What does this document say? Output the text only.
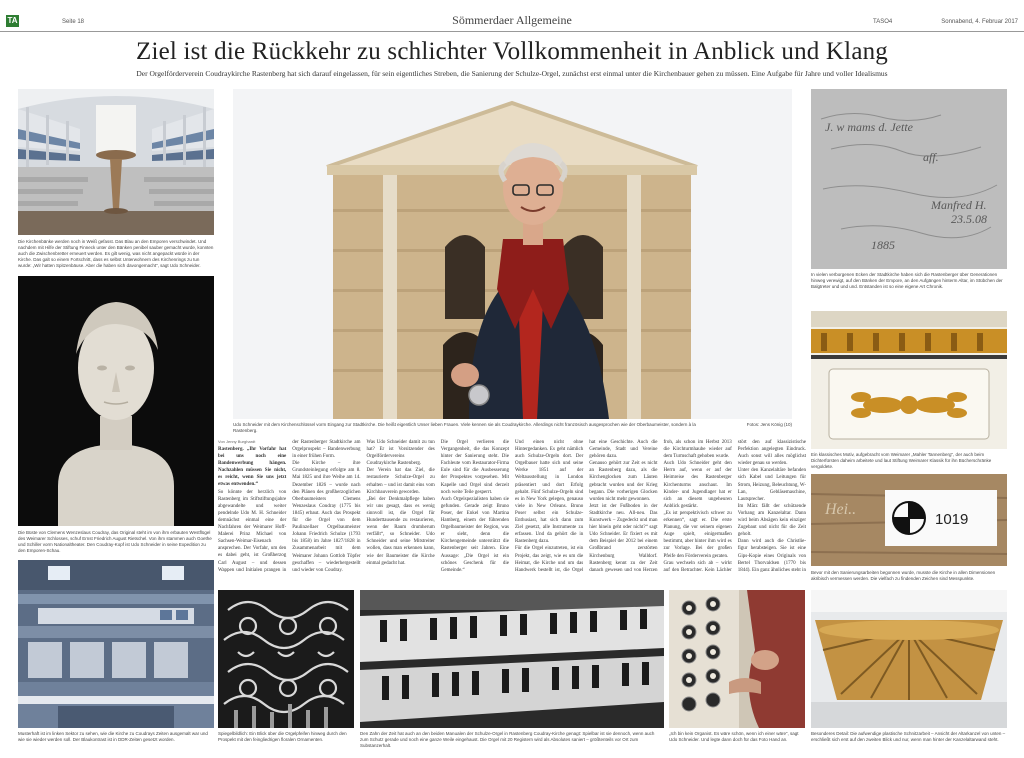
TA	Seite 18	Sömmerdaer Allgemeine	TASO4	Sonnabend, 4. Februar 2017
Ziel ist die Rückkehr zu schlichter Vollkommenheit in Anblick und Klang
Der Orgelförderverein Coudraykirche Rastenberg hat sich darauf eingelassen, für sein eigentliches Streben, die Sanierung der Schulze-Orgel, zunächst erst einmal unter die Kirchenbauer gehen zu müssen. Eine Aufgabe für Jahre und voller Idealismus
Die Kirchenbänke werden noch in Weiß gefasst. Das Blau an den Emporen verschwindet. Und nachdem mit Hilfe der Stiftung Finneck unter den Bänken penibel sauber gemacht wurde, konnten auch die Zwischenbretter erneuert werden. Es gilt wenig, was nicht angepackt würde in der Kirche. Das galt so einem Fortschritt, dass es selbst Unterwohnern des Kirchenrings zu tun wurde: „Wir hatten Spitzenbäuse. Aber die haben sich davongemacht“, sagt Udo Schneider.
Die Büste von Clemens Wenzeslaus Coudray, das Original steht im von ihm erbauten Westflügel des Weimarer Schlosses, schuf Ernst Friedrich August Rietschel. Von ihm stammen auch Goethe und Schiller vorm Nationaltheater. Den Coudray-Kopf ist Udo Schneider in seine Expedition zu den Emporen-Schau.
Musterhaft ist im linken Sektor zu sehen, wie die Kirche zu Coudrays Zeiten ausgemalt war und wie sie wieder werden soll. Der Blaukontrast ist in DDR-Zeiten gesetzt worden.
Udo Schneider mit dem Kirchenschlüssel vorm Eingang zur Stadtkirche. Die heißt eigentlich Unser lieben Frauen. Viele kennen sie als Coudraykirche. Allerdings nicht französisch ausgesprochen wie der Oberbaumeister, sondern à la Rastenberg.
Fotos: Jens König (10)
J. w mams d. Jette
aff.
Manfred H.
23.5.08
1885
In vielen verborgenen Ecken der Stadtkirche haben sich die Rastenberger über Generationen hinweg verewigt, auf den Bänken der Empore, an den Aufgängen hinterm Altar, im Stübchen der Balgtreter und und und. Entstanden ist so eine eigene Art Chronik.
Ein klassisches Motiv, aufgebracht vom Weimarer „Mahler Tannenberg“, der auch beim Dichterfürsten daheim arbeitete und laut Stiftung Weimarer Klassik für ihn Bücherschränke vergoldete.
Hei..
1019
Bevor mit den Sanierungsarbeiten begonnen wurde, musste die Kirche in allen Dimensionen akribisch vermessen werden. Die vielfach zu findenden Zeichen sind Messpunkte.
Besonderes Detail: Die aufwendige plastische Schnitzarbeit – Ansicht der Altarkanzel von unten – erschließt sich erst auf den zweiten Blick und nur, wenn man hinter der Kanzelaltarwand steht.
Von Jenny Burghardt

Rastenberg. „Ihr Vorfahr hat bei uns noch eine Bandenwerbung hängen. Nachzahlen müssen Sie nicht, es reicht, wenn Sie uns jetzt etwas entwenden.“

So könnte der herzlich von Rastenberg im Stiftstiftungsjahre abgewandelte und weiter pendelnde Udo M. H. Schneider demnächst einmal eine der Nachfahren der Weimarer Hoff-Malerei Prinz Michael von Sachsen-Weimar-Eisenach ansprechen. Der Vorfahr, um den es dabei geht, ist Großherzog Carl August – und dessen Wappen und Initialen prangen in der Rastenberger Stadtkirche am Orgelprospekt – Bandenwerbung in einer frühen Form.

Die Kirche – ihre Grundsteinlegung erfolgte am 8. Mai 1825 und ihre Weihe am 14. Dezember 1826 – wurde nach den Plänen des großherzoglichen Oberbaumeisters Clemens Wenzeslaus Coudray (1775 bis 1845) erbaut. Auch das Prospekt für die Orgel von dem Paulinzellaer Orgelbaumeister Johann Friedrich Schulze (1793 bis 1858) im Jahre 1827/1828 in Zusammenarbeit mit dem Weimarer Johann Gottlob Töpfer geschaffen – wiederhergestellt und wieder von Coudray.

Was Udo Schneider damit zu tun hat? Er ist Vorsitzender des Orgelfördervereins Coudraykirche Rastenberg.

Der Verein hat das Ziel, die restaurierte Schulze-Orgel zu erhalten – und ist damit eins vom Kirchbauverein geworden.

„Bei der Denkmalpflege haben wir uns gesagt, dass es wenig sinnvoll ist, die Orgel für Hunderttausende zu restaurieren, wenn der Raum drumherum verfällt“, so Schneider. Udo Schneider und seine Mitstreiter wollen, dass man erkennen kann, wie der Baumeister die Kirche einmal gedacht hat.

Die Orgel verlieren die Vergangenheit, die das Konzept hinter der Sanierung steht. Die Fachleute vom Restaurator-Firma Eule sind für die Ausbesserung der Prospektes vorgesehen. Mit Kapelle und Orgel sind derzeit noch weite Teile gesperrt.

Auch Orgelspezialisten haben sie gefunden. Gerade zeigt Bruno Poser, der Enkel von Martina Hamberg, einem der führenden Orgelbaumeister der Region, was er sieht, denn die Kirchengemeinde unterstützt die Rastenberger seit Jahren. Eine Aussage: „Die Orgel ist ein schönes Geschenk für die Gemeinde.“

Und einen nicht ohne Hintergedanken. Es geht nämlich auch Schulze-Orgeln dort. Der Orgelbauer hatte sich und seine Werke 1851 auf der Weltausstellung in London präsentiert und dort Erfolg gehabt. Fünf Schulze-Orgeln sind es in New York gelegen, genauso viele in New Orleans. Bruno Poser selbst ein Schulze-Enthusiast, hat sich dann zum Ziel gesetzt, alle Instrumente zu erfassen. Und da gehört die in Rastenberg dazu.

Für die Orgel einzutreten, ist ein Projekt, das zeigt, wie es um die Heimat, die Kirche und um das Handwerk bestellt ist, die Orgel hat eine Geschichte. Auch die Gemeinde, Stadt und Vereine gehören dazu.

Genauso gehört zur Zeit es nicht an Rastenberg dazu, als die Kirchenglocken zum Läuten gebracht wurden und der Krieg begann. Die vorherigen Glocken wurden nicht mehr gewonnen.

Jetzt ist der Fußboden in der Stadtkirche neu. All-neu. Das Kunstwerk – Zugedeckt und man hier hinein geht oder nicht?“ sagt Udo Schneider. Er fixiert es mit dem Beispiel der 2012 bei einem Großbrand zerstörten Kirchenburg Walldorf. Rastenberg kennt zu der Zeit danach gewesen und von Herzen froh, als schon im Herbst 2013 die Kirchturmhaube wieder auf dem Turmschaft gehoben wurde.

Auch Udo Schneider geht den Herrn auf, wenn er auf der Heimreise des Rastenberger Kirchenturms anschaut. Im Kinder- und Jugendlager hat er sich an diesem ungeheuren Anblick gestärkt.

„Es ist perspektivisch schwer zu erkennen“, sagt er. Die erste Planung, die vor seinem eigenen Auge spielt, einigermaßen bestimmt, aber hinter ihm wird es zur Vorlage. Bei der großen Pfeife den Förderverein geraten.

Grau wechseln sich ab – wirkt auf den Betrachter. Kein Lächler stört den auf klassizistische Perfektion angelegten Eindruck. Auch sonst will alles möglichst wieder genau so werden.

Unter den Kanzelaltäre befanden sich Kabel und Leitungen für Strom, Heizung, Beleuchtung, W-Lan, Gebläsemaschine, Lautsprecher.

Im März fällt der schützende Vorhang am Kanzelaltar. Dann wird beim Absägen kein einziger Zugebaut und nicht für die Zeit geholt.

Dann wird auch die Christlie-figur herabsteigen. Sie ist eine Gips-Kopie eines Originals von Bertel Thorvaldsen (1770 bis 1844). Ein ganz ähnliches steht in

Spiegelbildlich: Ein Blick über die Orgelpfeifen hinweg durch den Prospekt mit den feingliedrigen floralen Ornamenten.
Den Zahn der Zeit hat auch an den beiden Manualen der Schulze-Orgel in Rastenberg Coudray-Kirche genagt: Spielbar ist sie dennoch, wenn auch zum Schutz gerade und noch eine ganze Weile eingehaust. Die Orgel mit 20 Registern wird als Absolutes saniert – größtenteils vor Ort zum Substanzerhalt.
„Ich bin kein Organist. Es wäre schön, wenn ich einer wäre“, sagt Udo Schneider. Und legte dann doch für das Foto Hand an.
